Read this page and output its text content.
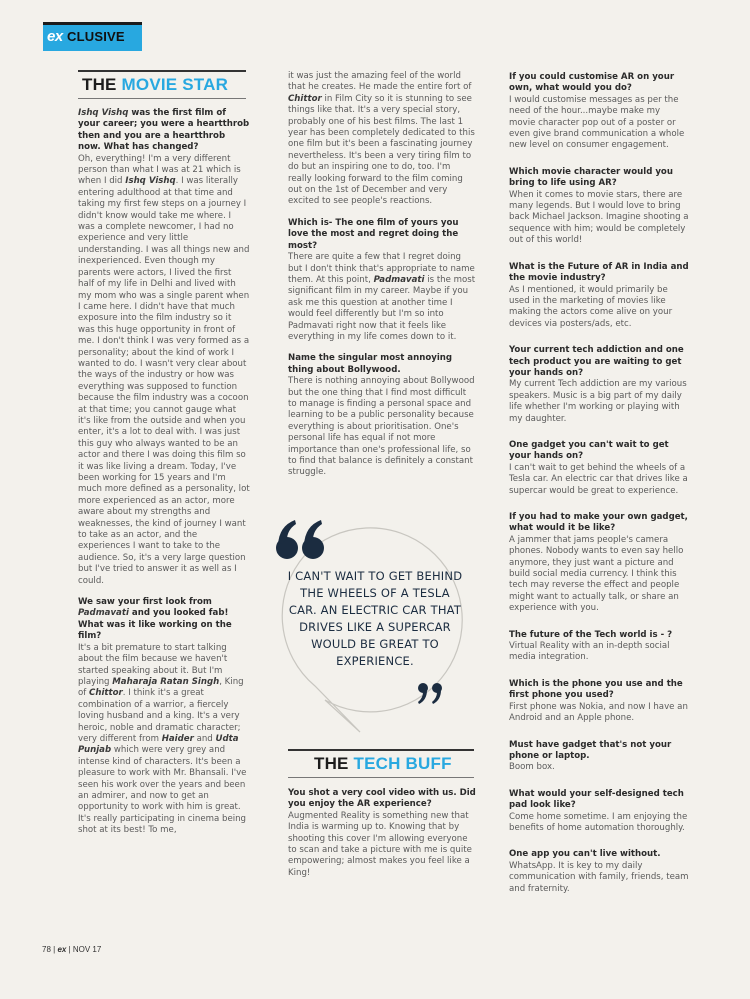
ex CLUSIVE
THE MOVIE STAR

Ishq Vishq was the first film of your career; you were a heartthrob then and you are a heartthrob now. What has changed?
Oh, everything! I'm a very different person than what I was at 21 which is when I did Ishq Vishq. I was literally entering adulthood at that time and taking my first few steps on a journey I didn't know would take me where. I was a complete newcomer, I had no experience and very little understanding. I was all things new and inexperienced. Even though my parents were actors, I lived the first half of my life in Delhi and lived with my mom who was a single parent when I came here. I didn't have that much exposure into the film industry so it was this huge opportunity in front of me. I don't think I was very formed as a personality; about the kind of work I wanted to do. I wasn't very clear about the ways of the industry or how was everything was supposed to function because the film industry was a cocoon at that time; you cannot gauge what it's like from the outside and when you enter, it's a lot to deal with. I was just this guy who always wanted to be an actor and there I was doing this film so it was like living a dream. Today, I've been working for 15 years and I'm much more defined as a personality, lot more experienced as an actor, more aware about my strengths and weaknesses, the kind of journey I want to take as an actor, and the experiences I want to take to the audience. So, it's a very large question but I've tried to answer it as well as I could.

We saw your first look from Padmavati and you looked fab! What was it like working on the film?
It's a bit premature to start talking about the film because we haven't started speaking about it. But I'm playing Maharaja Ratan Singh, King of Chittor. I think it's a great combination of a warrior, a fiercely loving husband and a king. It's a very heroic, noble and dramatic character; very different from Haider and Udta Punjab which were very grey and intense kind of characters. It's been a pleasure to work with Mr. Bhansali. I've seen his work over the years and been an admirer, and now to get an opportunity to work with him is great. It's really participating in cinema being shot at its best! To me,

it was just the amazing feel of the world that he creates. He made the entire fort of Chittor in Film City so it is stunning to see things like that. It's a very special story, probably one of his best films. The last 1 year has been completely dedicated to this one film but it's been a fascinating journey nevertheless. It's been a very tiring film to do but an inspiring one to do, too. I'm really looking forward to the film coming out on the 1st of December and very excited to see people's reactions.

Which is- The one film of yours you love the most and regret doing the most?
There are quite a few that I regret doing but I don't think that's appropriate to name them. At this point, Padmavati is the most significant film in my career. Maybe if you ask me this question at another time I would feel differently but I'm so into Padmavati right now that it feels like everything in my life comes down to it.

Name the singular most annoying thing about Bollywood.
There is nothing annoying about Bollywood but the one thing that I find most difficult to manage is finding a personal space and learning to be a public personality because everything is about prioritisation. One's personal life has equal if not more importance than one's professional life, so to find that balance is definitely a constant struggle.

I CAN'T WAIT TO GET BEHIND THE WHEELS OF A TESLA CAR. AN ELECTRIC CAR THAT DRIVES LIKE A SUPERCAR WOULD BE GREAT TO EXPERIENCE.
THE TECH BUFF

You shot a very cool video with us. Did you enjoy the AR experience?
Augmented Reality is something new that India is warming up to. Knowing that by shooting this cover I'm allowing everyone to scan and take a picture with me is quite empowering; almost makes you feel like a King!

If you could customise AR on your own, what would you do?
I would customise messages as per the need of the hour...maybe make my movie character pop out of a poster or even give brand communication a whole new level on consumer engagement.

Which movie character would you bring to life using AR?
When it comes to movie stars, there are many legends. But I would love to bring back Michael Jackson. Imagine shooting a sequence with him; would be completely out of this world!

What is the Future of AR in India and the movie industry?
As I mentioned, it would primarily be used in the marketing of movies like making the actors come alive on your devices via posters/ads, etc.

Your current tech addiction and one tech product you are waiting to get your hands on?
My current Tech addiction are my various speakers. Music is a big part of my daily life whether I'm working or playing with my daughter.

One gadget you can't wait to get your hands on?
I can't wait to get behind the wheels of a Tesla car. An electric car that drives like a supercar would be great to experience.

If you had to make your own gadget, what would it be like?
A jammer that jams people's camera phones. Nobody wants to even say hello anymore, they just want a picture and build social media currency. I think this tech may reverse the effect and people might want to actually talk, or share an experience with you.

The future of the Tech world is - ?
Virtual Reality with an in-depth social media integration.

Which is the phone you use and the first phone you used?
First phone was Nokia, and now I have an Android and an Apple phone.

Must have gadget that's not your phone or laptop.
Boom box.

What would your self-designed tech pad look like?
Come home sometime. I am enjoying the benefits of home automation thoroughly.

One app you can't live without.
WhatsApp. It is key to my daily communication with family, friends, team and fraternity.

78 | ex | NOV 17
